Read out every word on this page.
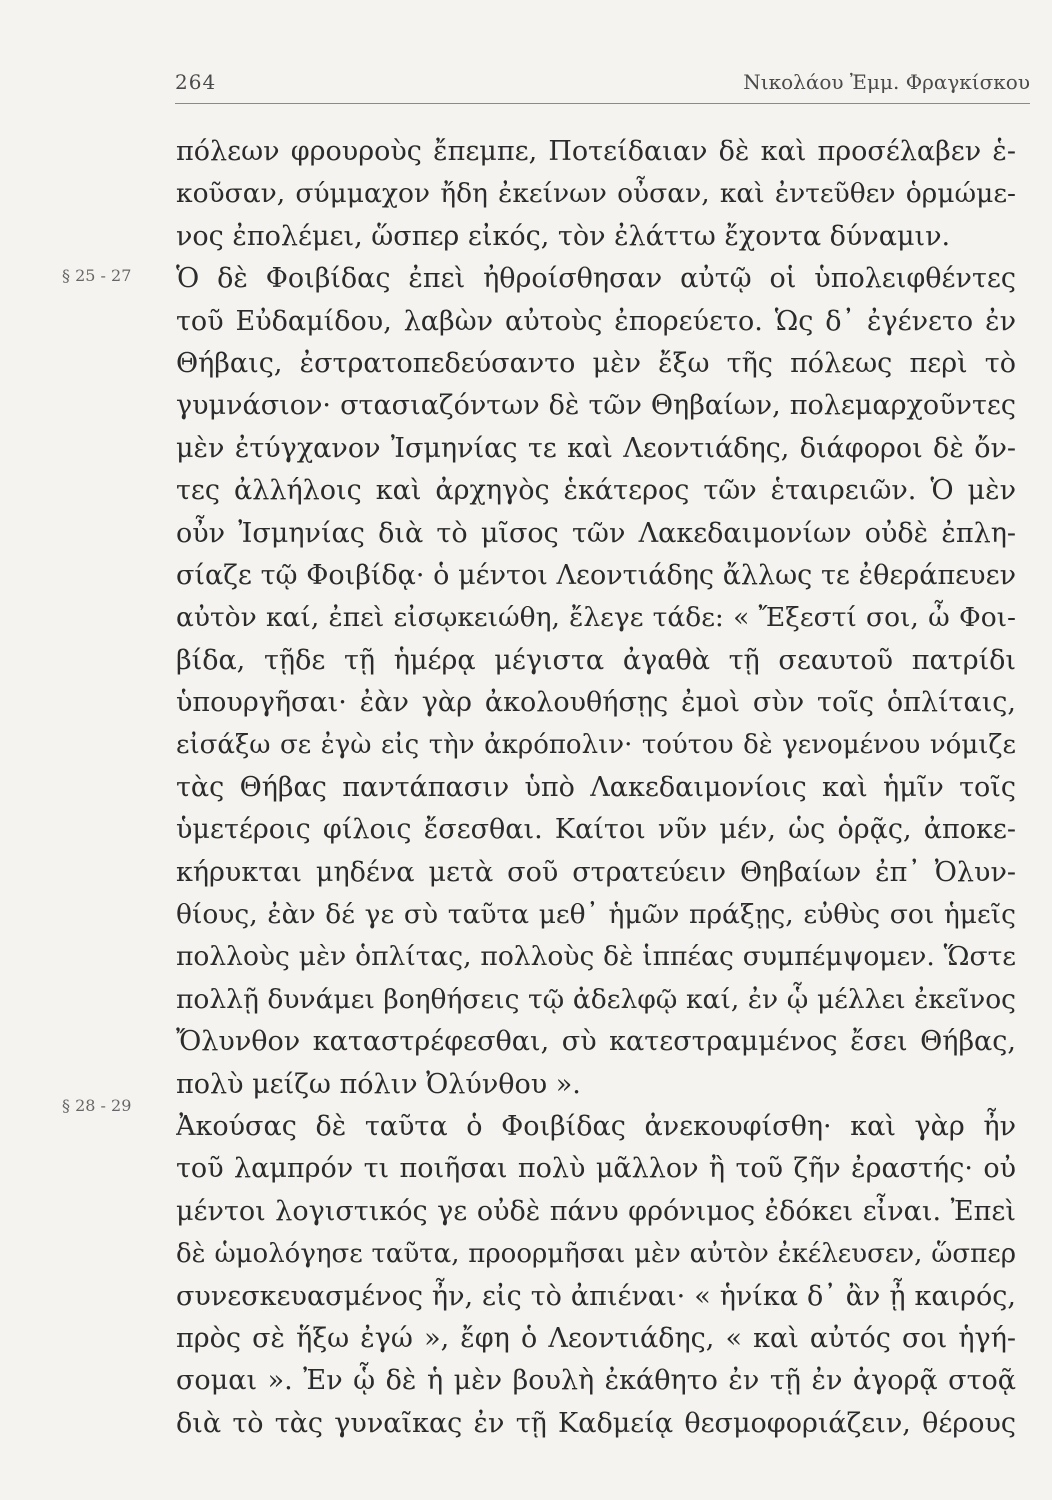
264	Νικολάου Ἐμμ. Φραγκίσκου
§ 25 - 27
§ 28 - 29
πόλεων φρουροὺς ἔπεμπε, Ποτείδαιαν δὲ καὶ προσέλαβεν ἑ-
κοῦσαν, σύμμαχον ἤδη ἐκείνων οὖσαν, καὶ ἐντεῦθεν ὁρμώμε-
νος ἐπολέμει, ὥσπερ εἰκός, τὸν ἐλάττω ἔχοντα δύναμιν.
Ὁ δὲ Φοιβίδας ἐπεὶ ἠθροίσθησαν αὐτῷ οἱ ὑπολειφθέντες
τοῦ Εὐδαμίδου, λαβὼν αὐτοὺς ἐπορεύετο. Ὡς δ᾽ ἐγένετο ἐν
Θήβαις, ἐστρατοπεδεύσαντο μὲν ἔξω τῆς πόλεως περὶ τὸ
γυμνάσιον· στασιαζόντων δὲ τῶν Θηβαίων, πολεμαρχοῦντες
μὲν ἐτύγχανον Ἰσμηνίας τε καὶ Λεοντιάδης, διάφοροι δὲ ὄν-
τες ἀλλήλοις καὶ ἀρχηγὸς ἑκάτερος τῶν ἑταιρειῶν. Ὁ μὲν
οὖν Ἰσμηνίας διὰ τὸ μῖσος τῶν Λακεδαιμονίων οὐδὲ ἐπλη-
σίαζε τῷ Φοιβίδᾳ· ὁ μέντοι Λεοντιάδης ἄλλως τε ἐθεράπευεν
αὐτὸν καί, ἐπεὶ εἰσῳκειώθη, ἔλεγε τάδε: « Ἔξεστί σοι, ὦ Φοι-
βίδα, τῇδε τῇ ἡμέρᾳ μέγιστα ἀγαθὰ τῇ σεαυτοῦ πατρίδι
ὑπουργῆσαι· ἐὰν γὰρ ἀκολουθήσῃς ἐμοὶ σὺν τοῖς ὁπλίταις,
εἰσάξω σε ἐγὼ εἰς τὴν ἀκρόπολιν· τούτου δὲ γενομένου νόμιζε
τὰς Θήβας παντάπασιν ὑπὸ Λακεδαιμονίοις καὶ ἡμῖν τοῖς
ὑμετέροις φίλοις ἔσεσθαι. Καίτοι νῦν μέν, ὡς ὁρᾷς, ἀποκε-
κήρυκται μηδένα μετὰ σοῦ στρατεύειν Θηβαίων ἐπ᾽ Ὀλυν-
θίους, ἐὰν δέ γε σὺ ταῦτα μεθ᾽ ἡμῶν πράξῃς, εὐθὺς σοι ἡμεῖς
πολλοὺς μὲν ὁπλίτας, πολλοὺς δὲ ἱππέας συμπέμψομεν. Ὥστε
πολλῇ δυνάμει βοηθήσεις τῷ ἀδελφῷ καί, ἐν ᾧ μέλλει ἐκεῖνος
Ὄλυνθον καταστρέφεσθαι, σὺ κατεστραμμένος ἔσει Θήβας,
πολὺ μείζω πόλιν Ὀλύνθου ».
Ἀκούσας δὲ ταῦτα ὁ Φοιβίδας ἀνεκουφίσθη· καὶ γὰρ ἦν
τοῦ λαμπρόν τι ποιῆσαι πολὺ μᾶλλον ἢ τοῦ ζῆν ἐραστής· οὐ
μέντοι λογιστικός γε οὐδὲ πάνυ φρόνιμος ἐδόκει εἶναι. Ἐπεὶ
δὲ ὡμολόγησε ταῦτα, προορμῆσαι μὲν αὐτὸν ἐκέλευσεν, ὥσπερ
συνεσκευασμένος ἦν, εἰς τὸ ἀπιέναι· « ἡνίκα δ᾽ ἂν ᾖ καιρός,
πρὸς σὲ ἥξω ἐγώ », ἔφη ὁ Λεοντιάδης, « καὶ αὐτός σοι ἡγή-
σομαι ». Ἐν ᾧ δὲ ἡ μὲν βουλὴ ἐκάθητο ἐν τῇ ἐν ἀγορᾷ στοᾷ
διὰ τὸ τὰς γυναῖκας ἐν τῇ Καδμείᾳ θεσμοφοριάζειν, θέρους
